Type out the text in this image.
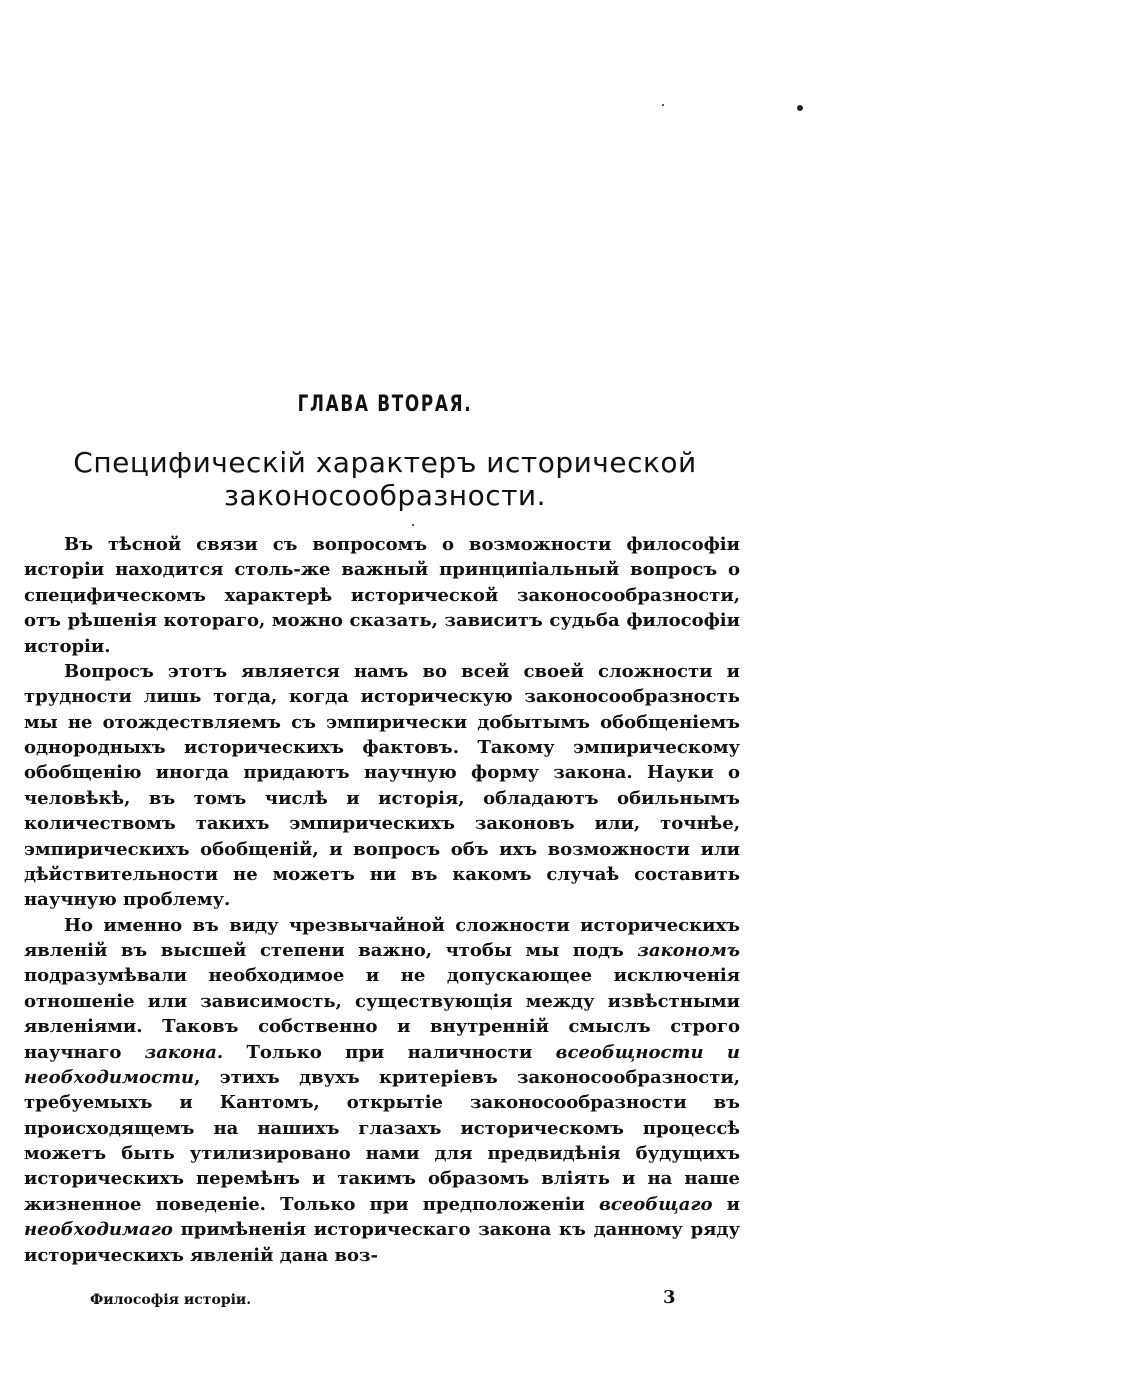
ГЛАВА ВТОРАЯ.
Специфическій характеръ исторической
законосообразности.

Въ тѣсной связи съ вопросомъ о возможности философіи исторіи находится столь-же важный принципіальный вопросъ о специфическомъ характерѣ исторической законосообразности, отъ рѣшенія котораго, можно сказать, зависитъ судьба философіи исторіи.

Вопросъ этотъ является намъ во всей своей сложности и трудности лишь тогда, когда историческую законосообразность мы не отождествляемъ съ эмпирически добытымъ обобщеніемъ однородныхъ историческихъ фактовъ. Такому эмпирическому обобщенію иногда придаютъ научную форму закона. Науки о человѣкѣ, въ томъ числѣ и исторія, обладаютъ обильнымъ количествомъ такихъ эмпирическихъ законовъ или, точнѣе, эмпирическихъ обобщеній, и вопросъ объ ихъ возможности или дѣйствительности не можетъ ни въ какомъ случаѣ составить научную проблему.

Но именно въ виду чрезвычайной сложности историческихъ явленій въ высшей степени важно, чтобы мы подъ закономъ подразумѣвали необходимое и не допускающее исключенія отношеніе или зависимость, существующія между извѣстными явленіями. Таковъ собственно и внутренній смыслъ строго научнаго закона. Только при наличности всеобщности и необходимости, этихъ двухъ критеріевъ законосообразности, требуемыхъ и Кантомъ, открытіе законосообразности въ происходящемъ на нашихъ глазахъ историческомъ процессѣ можетъ быть утилизировано нами для предвидѣнія будущихъ историческихъ перемѣнъ и такимъ образомъ вліять и на наше жизненное поведеніе. Только при предположеніи всеобщаго и необходимаго примѣненія историческаго закона къ данному ряду историческихъ явленій дана воз-

Философія исторіи.	3
